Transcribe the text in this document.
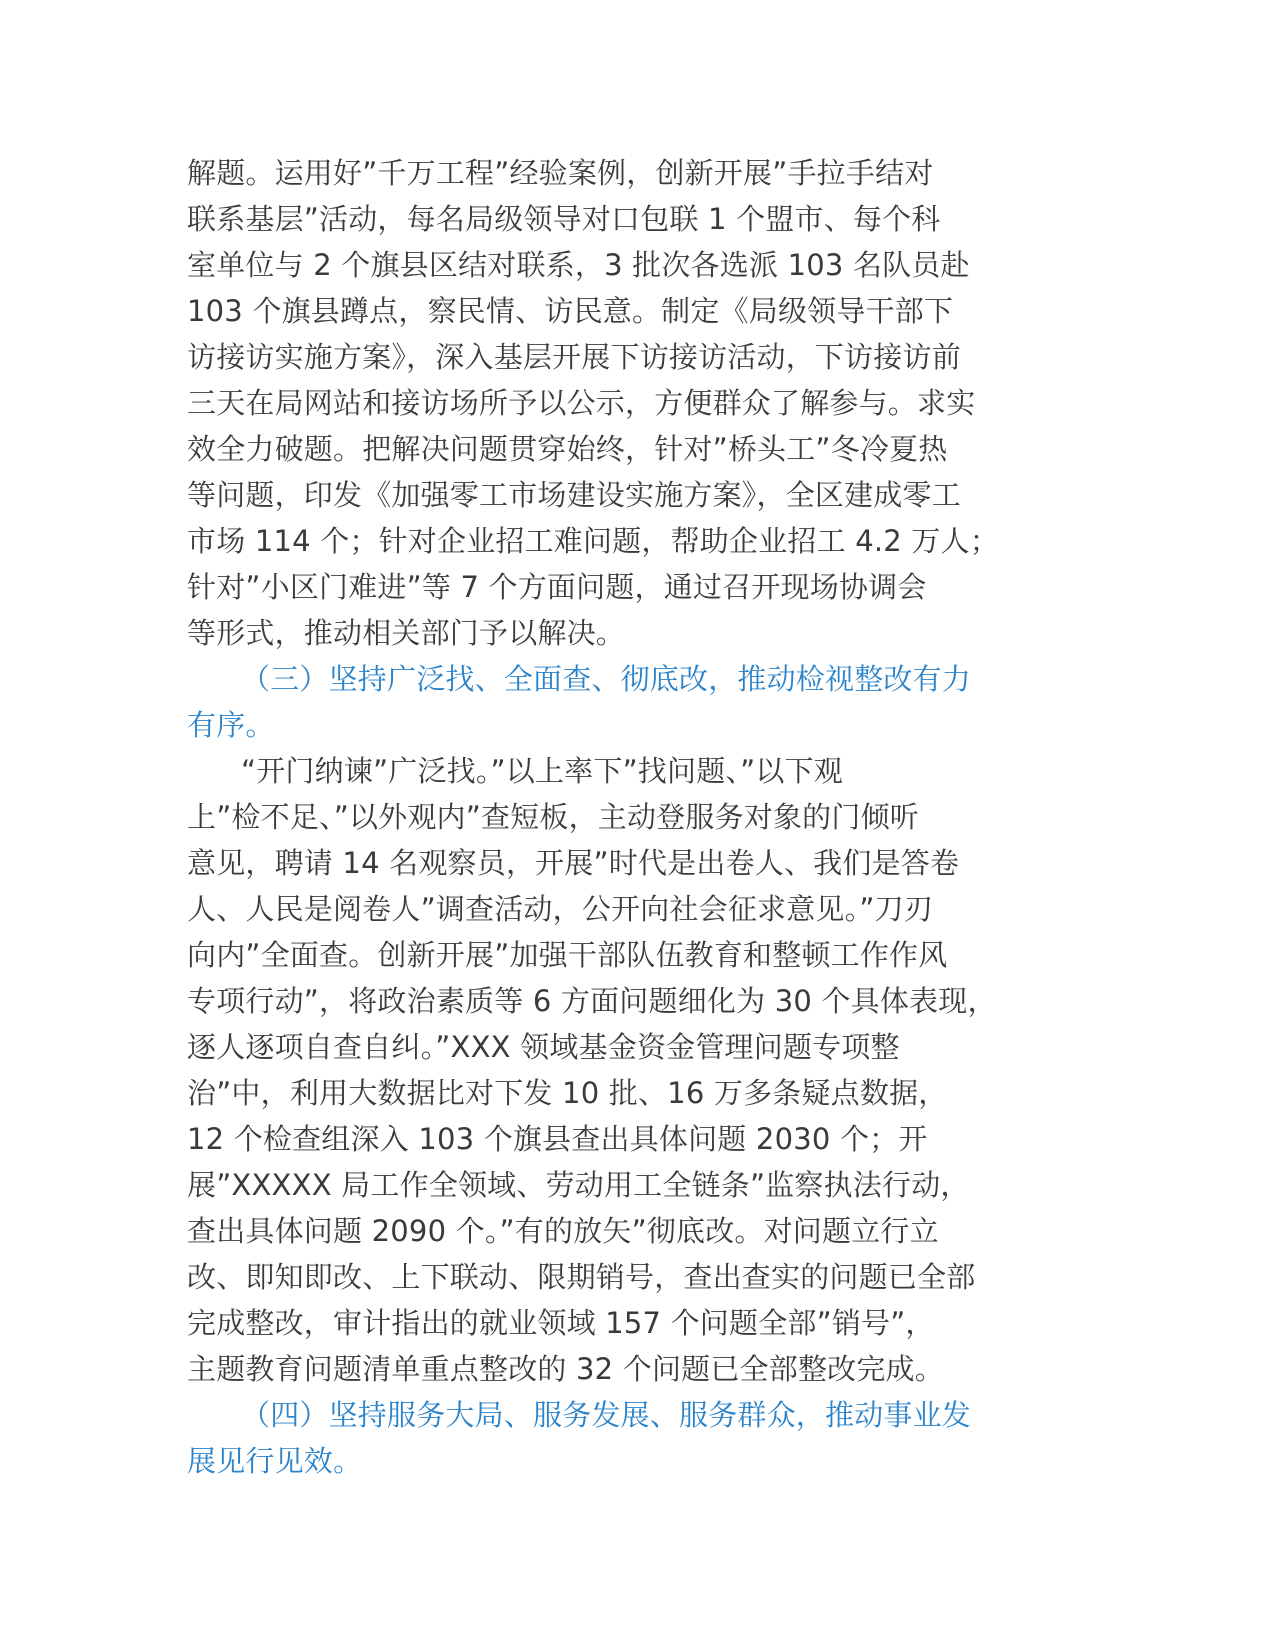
解题。运用好”千万工程”经验案例，创新开展”手拉手结对
联系基层”活动，每名局级领导对口包联 1 个盟市、每个科
室单位与 2 个旗县区结对联系，3 批次各选派 103 名队员赴
103 个旗县蹲点，察民情、访民意。制定《局级领导干部下
访接访实施方案》，深入基层开展下访接访活动，下访接访前
三天在局网站和接访场所予以公示，方便群众了解参与。求实
效全力破题。把解决问题贯穿始终，针对”桥头工”冬冷夏热
等问题，印发《加强零工市场建设实施方案》，全区建成零工
市场 114 个；针对企业招工难问题，帮助企业招工 4.2 万人；
针对”小区门难进”等 7 个方面问题，通过召开现场协调会
等形式，推动相关部门予以解决。
（三）坚持广泛找、全面查、彻底改，推动检视整改有力
有序。
“开门纳谏”广泛找。”以上率下”找问题、”以下观
上”检不足、”以外观内”查短板，主动登服务对象的门倾听
意见，聘请 14 名观察员，开展”时代是出卷人、我们是答卷
人、人民是阅卷人”调查活动，公开向社会征求意见。”刀刃
向内”全面查。创新开展”加强干部队伍教育和整顿工作作风
专项行动”，将政治素质等 6 方面问题细化为 30 个具体表现，
逐人逐项自查自纠。”XXX 领域基金资金管理问题专项整
治”中，利用大数据比对下发 10 批、16 万多条疑点数据，
12 个检查组深入 103 个旗县查出具体问题 2030 个；开
展”XXXXX 局工作全领域、劳动用工全链条”监察执法行动，
查出具体问题 2090 个。”有的放矢”彻底改。对问题立行立
改、即知即改、上下联动、限期销号，查出查实的问题已全部
完成整改，审计指出的就业领域 157 个问题全部”销号”，
主题教育问题清单重点整改的 32 个问题已全部整改完成。
（四）坚持服务大局、服务发展、服务群众，推动事业发
展见行见效。
